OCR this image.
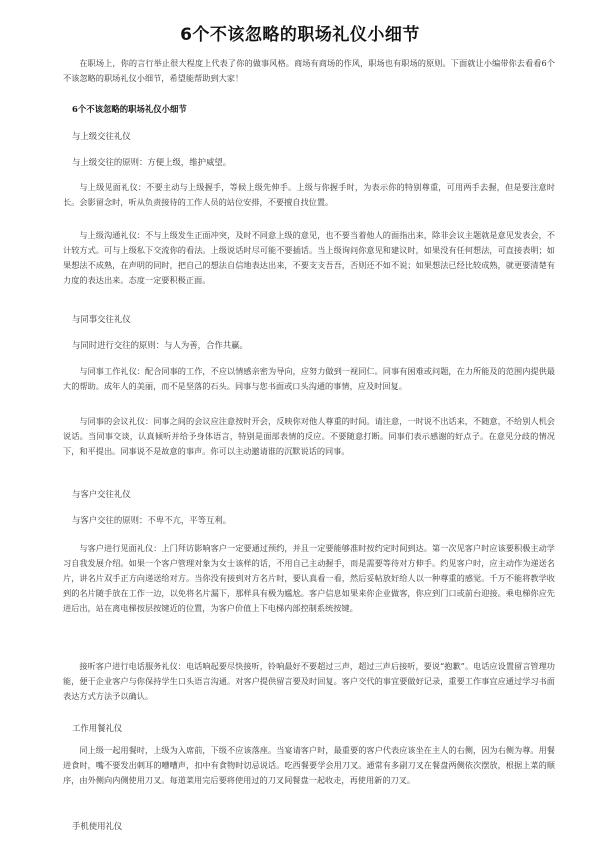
6个不该忽略的职场礼仪小细节
在职场上，你的言行举止很大程度上代表了你的做事风格。商场有商场的作风，职场也有职场的原则。下面就让小编带你去看看6个不该忽略的职场礼仪小细节，希望能帮助到大家！
6个不该忽略的职场礼仪小细节
与上级交往礼仪
与上级交往的原则：方便上级，维护威望。
与上级见面礼仪：不要主动与上级握手，等候上级先伸手。上级与你握手时，为表示你的特别尊重，可用两手去握，但是要注意时长。会影留念时，听从负责接待的工作人员的站位安排，不要擅自找位置。
与上级沟通礼仪：不与上级发生正面冲突，及时不同意上级的意见，也不要当着他人的面指出来，除非会议主题就是意见发表会，不计较方式。可与上级私下交流你的看法。上级说话时尽可能不要插话。当上级询问你意见和建议时，如果没有任何想法，可直接表明；如果想法不成熟，在声明的同时，把自己的想法自信地表达出来，不要支支吾吾，否则还不如不说；如果想法已经比较成熟，就更要清楚有力度的表达出来。态度一定要积极正面。
与同事交往礼仪
与同时进行交往的原则：与人为善，合作共赢。
与同事工作礼仪：配合同事的工作，不应以情感亲密为导向，应努力做到一视同仁。同事有困难或问题，在力所能及的范围内提供最大的帮助。成年人的美丽，而不是坚落的石头。同事与您书面或口头沟通的事情，应及时回复。
与同事的会议礼仪：同事之间的会议应注意按时开会，反映你对他人尊重的时间。请注意，一时说不出话来，不随意，不给别人机会说话。当同事交谈，认真倾听并给予身体语言，特别是面部表情的反应。不要随意打断。同事们表示感谢的好点子。在意见分歧的情况下，和平提出。同事说不是故意的事声。你可以主动邀请谁的沉默说话的同事。
与客户交往礼仪
与客户交往的原则：不卑不亢，平等互利。
与客户进行见面礼仪：上门拜访影响客户一定要通过预约，并且一定要能够准时按约定时间到达。第一次见客户时应该要积极主动学习自我发展介绍。如果一个客户管理对象为女士该样的话，不用自己主动握手，而是需要等待对方伸手。约见客户时，应主动作为递送名片，讲名片双手正方向递送给对方。当你没有接到对方名片时，要认真看一看，然后妥帖放好给人以一种尊重的感觉。千万不能将教学收到的名片随手放在工作一边，以免将名片漏下，那样具有极为尴尬。客户信息如果来你企业做客，你应到门口或前台迎接。乘电梯你应先进后出，站在离电梯按层按键近的位置，为客户价值上下电梯内部控制系统按键。
接听客户进行电话服务礼仪：电话响起要尽快接听，铃响最好不要超过三声，超过三声后接听，要说“抱歉”。电话应设置留言管理功能，便于企业客户与你保持学生口头语言沟通。对客户提供留言要及时回复。客户交代的事宜要做好记录，重要工作事宜应通过学习书面表达方式方法予以确认。
工作用餐礼仪
同上级一起用餐时，上级为入席前，下级不应该落座。当宴请客户时，最重要的客户代表应该坐在主人的右侧，因为右侧为尊。用餐进食时，嘴不要发出刺耳的嘈嘈声，扣中有食物时切忌说话。吃西餐要学会用刀叉。通常有多副刀叉在餐盘两侧依次摆放，根据上菜的顺序，由外侧向内侧使用刀叉。每道菜用完后要将使用过的刀叉间餐盘一起收走，再使用新的刀叉。
手机使用礼仪
